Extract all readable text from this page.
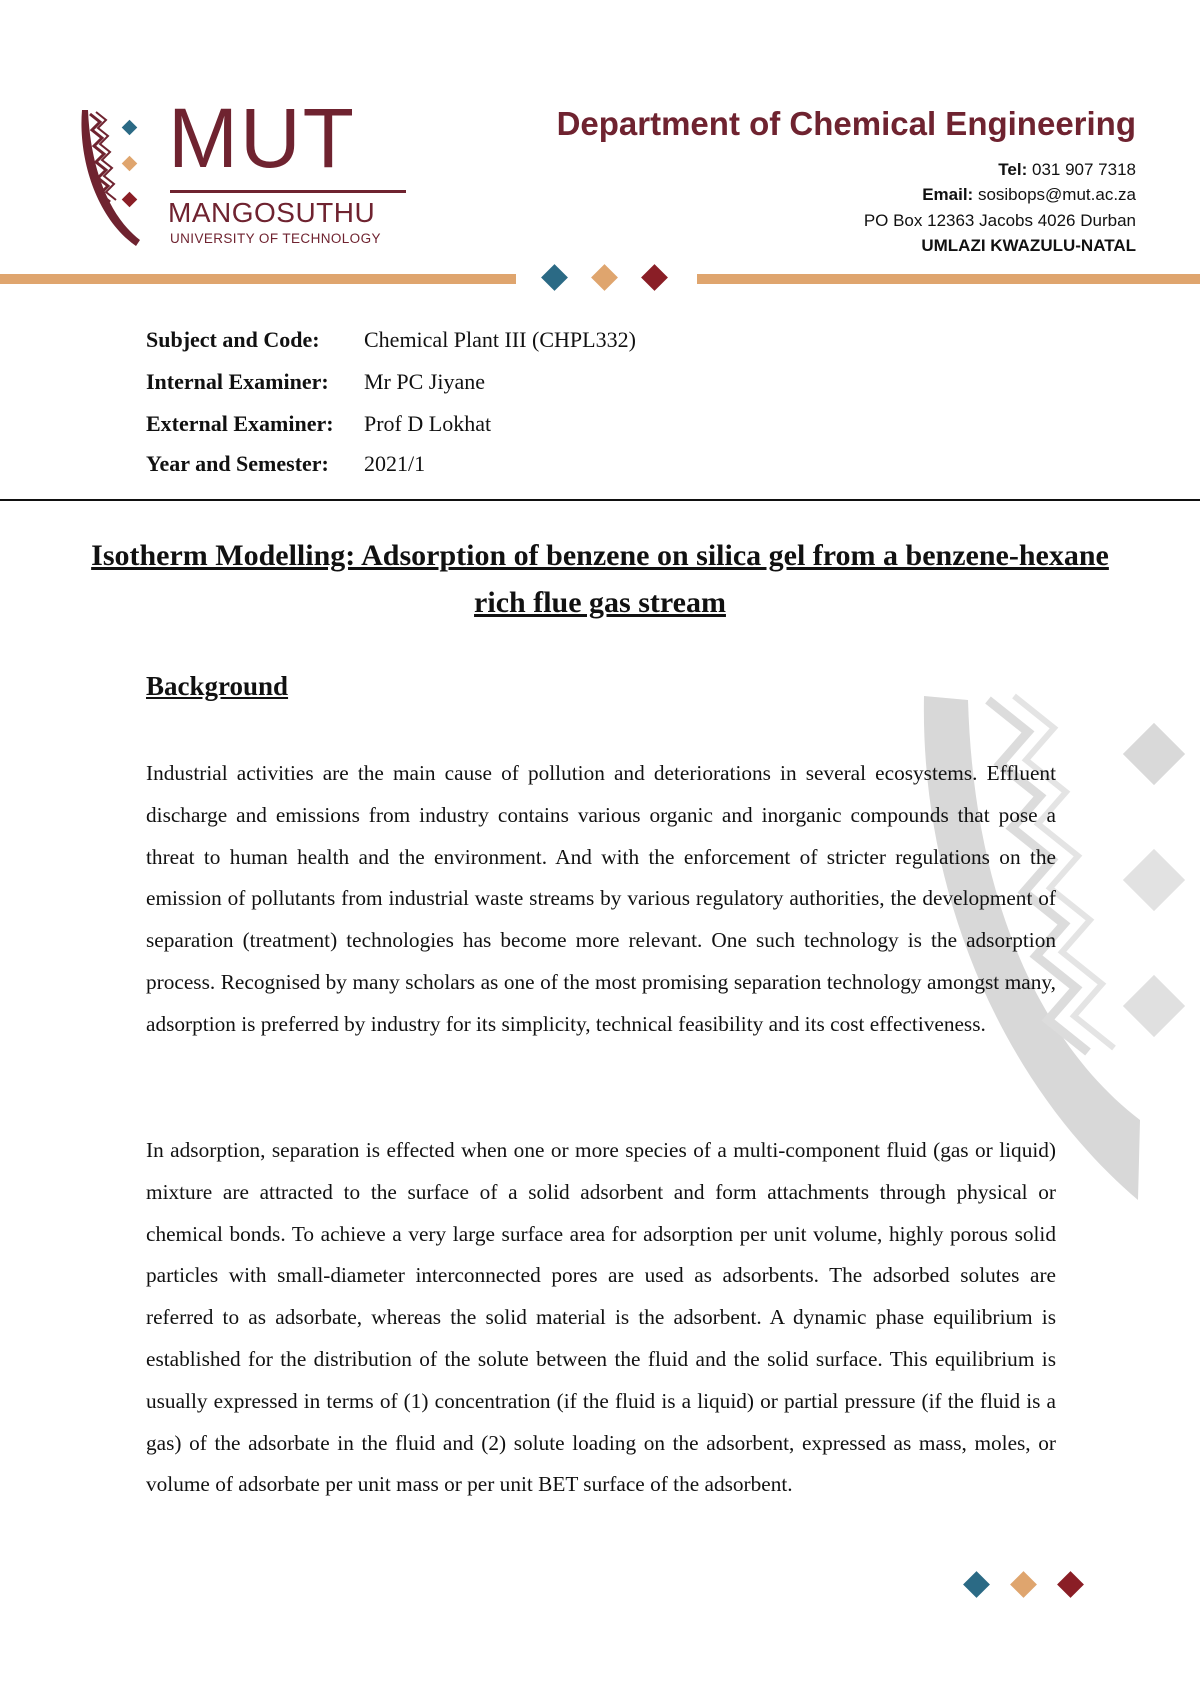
MUT
MANGOSUTHU
UNIVERSITY OF TECHNOLOGY
Department of Chemical Engineering
Tel: 031 907 7318
Email: sosibops@mut.ac.za
PO Box 12363 Jacobs 4026 Durban
UMLAZI KWAZULU-NATAL
Subject and Code: Chemical Plant III (CHPL332)
Internal Examiner: Mr PC Jiyane
External Examiner: Prof D Lokhat
Year and Semester: 2021/1
Isotherm Modelling: Adsorption of benzene on silica gel from a benzene-hexane rich flue gas stream
Background
Industrial activities are the main cause of pollution and deteriorations in several ecosystems. Effluent discharge and emissions from industry contains various organic and inorganic compounds that pose a threat to human health and the environment. And with the enforcement of stricter regulations on the emission of pollutants from industrial waste streams by various regulatory authorities, the development of separation (treatment) technologies has become more relevant. One such technology is the adsorption process. Recognised by many scholars as one of the most promising separation technology amongst many, adsorption is preferred by industry for its simplicity, technical feasibility and its cost effectiveness.
In adsorption, separation is effected when one or more species of a multi-component fluid (gas or liquid) mixture are attracted to the surface of a solid adsorbent and form attachments through physical or chemical bonds. To achieve a very large surface area for adsorption per unit volume, highly porous solid particles with small-diameter interconnected pores are used as adsorbents. The adsorbed solutes are referred to as adsorbate, whereas the solid material is the adsorbent. A dynamic phase equilibrium is established for the distribution of the solute between the fluid and the solid surface. This equilibrium is usually expressed in terms of (1) concentration (if the fluid is a liquid) or partial pressure (if the fluid is a gas) of the adsorbate in the fluid and (2) solute loading on the adsorbent, expressed as mass, moles, or volume of adsorbate per unit mass or per unit BET surface of the adsorbent.
